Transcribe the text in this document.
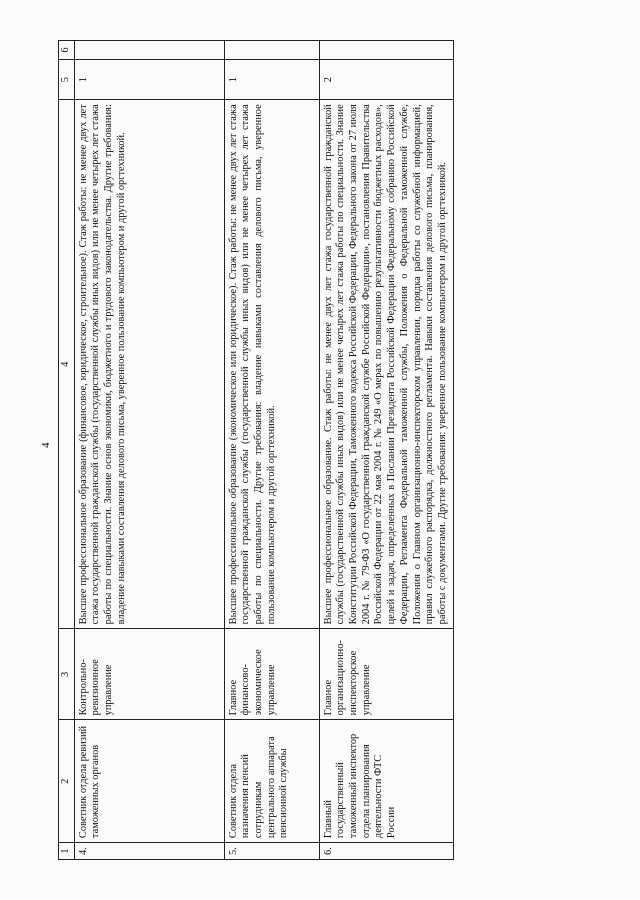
4
1	2	3	4	5	6
4.	Советник отдела ревизий таможенных органов	Контрольно-ревизионное управление	Высшее профессиональное образование (финансовое, юридическое, строительное). Стаж работы: не менее двух лет стажа государственной гражданской службы (государственной службы иных видов) или не менее четырех лет стажа работы по специальности. Знание основ экономики, бюджетного и трудового законодательства. Другие требования: владение навыками составления делового письма, уверенное пользование компьютером и другой оргтехникой.	1	
5.	Советник отдела назначения пенсий сотрудникам центрального аппарата пенсионной службы	Главное финансово-экономическое управление	Высшее профессиональное образование (экономическое или юридическое). Стаж работы: не менее двух лет стажа государственной гражданской службы (государственной службы иных видов) или не менее четырех лет стажа работы по специальности. Другие требования: владение навыками составления делового письма, уверенное пользование компьютером и другой оргтехникой.	1	
6.	Главный государственный таможенный инспектор отдела планирования деятельности ФТС России	Главное организационно-инспекторское управление	Высшее профессиональное образование. Стаж работы: не менее двух лет стажа государственной гражданской службы (государственной службы иных видов) или не менее четырех лет стажа работы по специальности. Знание Конституции Российской Федерации, Таможенного кодекса Российской Федерации, Федерального закона от 27 июля 2004 г. № 79-ФЗ «О государственной гражданской службе Российской Федерации», постановления Правительства Российской Федерации от 22 мая 2004 г. № 249 «О мерах по повышению результативности бюджетных расходов», целей и задач, определенных в Послании Президента Российской Федерации Федеральному собранию Российской Федерации, Регламента Федеральной таможенной службы, Положения о Федеральной таможенной службе, Положения о Главном организационно-инспекторском управлении, порядка работы со служебной информацией, правил служебного распорядка, должностного регламента. Навыки составления делового письма, планирования, работы с документами. Другие требования: уверенное пользование компьютером и другой оргтехникой.	2	
